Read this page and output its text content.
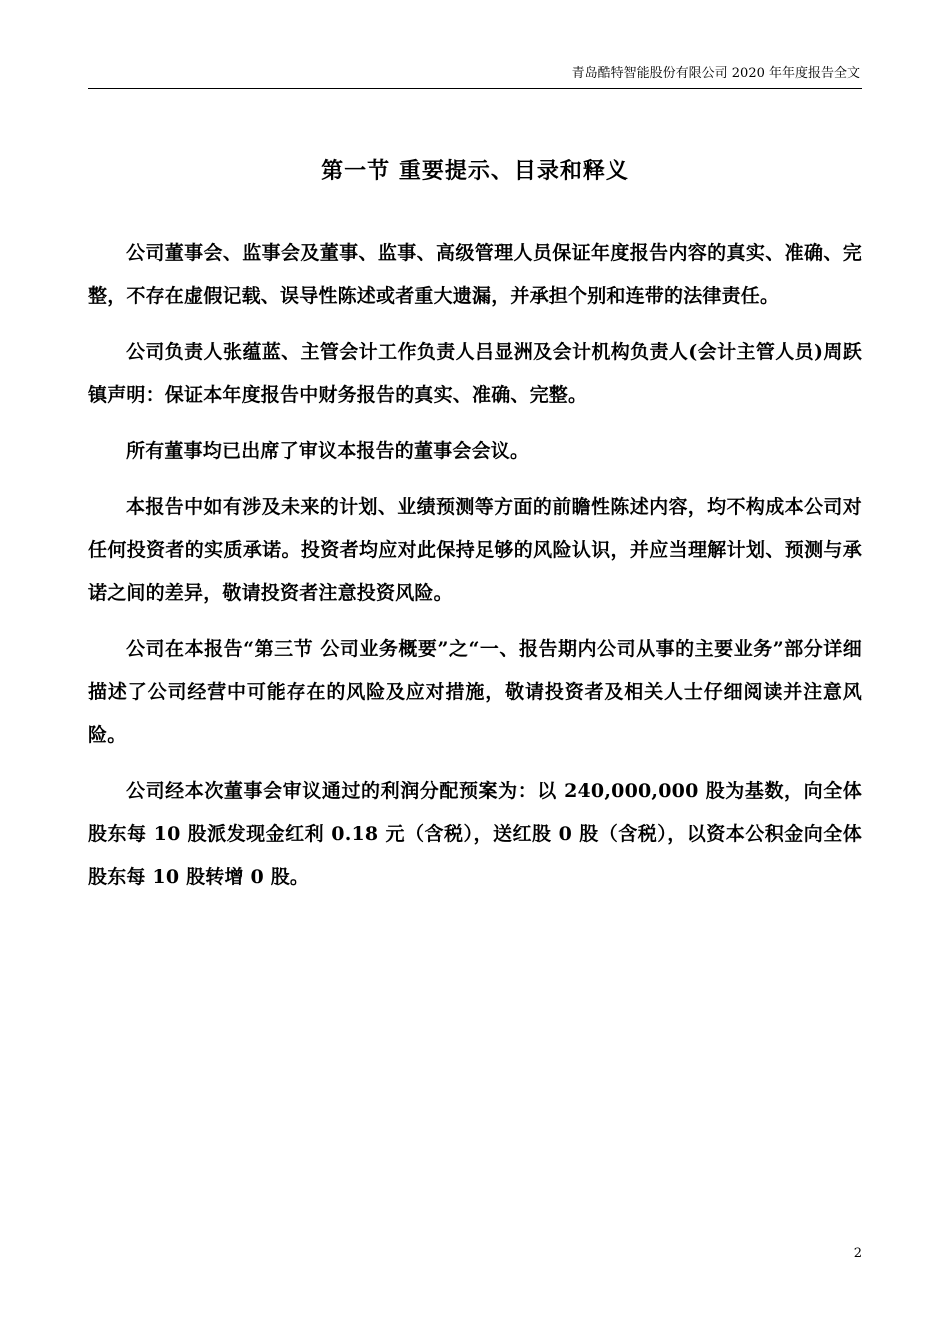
青岛酷特智能股份有限公司 2020 年年度报告全文
第一节 重要提示、目录和释义

公司董事会、监事会及董事、监事、高级管理人员保证年度报告内容的真实、准确、完整，不存在虚假记载、误导性陈述或者重大遗漏，并承担个别和连带的法律责任。

公司负责人张蕴蓝、主管会计工作负责人吕显洲及会计机构负责人(会计主管人员)周跃镇声明：保证本年度报告中财务报告的真实、准确、完整。

所有董事均已出席了审议本报告的董事会会议。

本报告中如有涉及未来的计划、业绩预测等方面的前瞻性陈述内容，均不构成本公司对任何投资者的实质承诺。投资者均应对此保持足够的风险认识，并应当理解计划、预测与承诺之间的差异，敬请投资者注意投资风险。

公司在本报告“第三节 公司业务概要”之“一、报告期内公司从事的主要业务”部分详细描述了公司经营中可能存在的风险及应对措施，敬请投资者及相关人士仔细阅读并注意风险。

公司经本次董事会审议通过的利润分配预案为：以 240,000,000 股为基数，向全体股东每 10 股派发现金红利 0.18 元（含税），送红股 0 股（含税），以资本公积金向全体股东每 10 股转增 0 股。

2
